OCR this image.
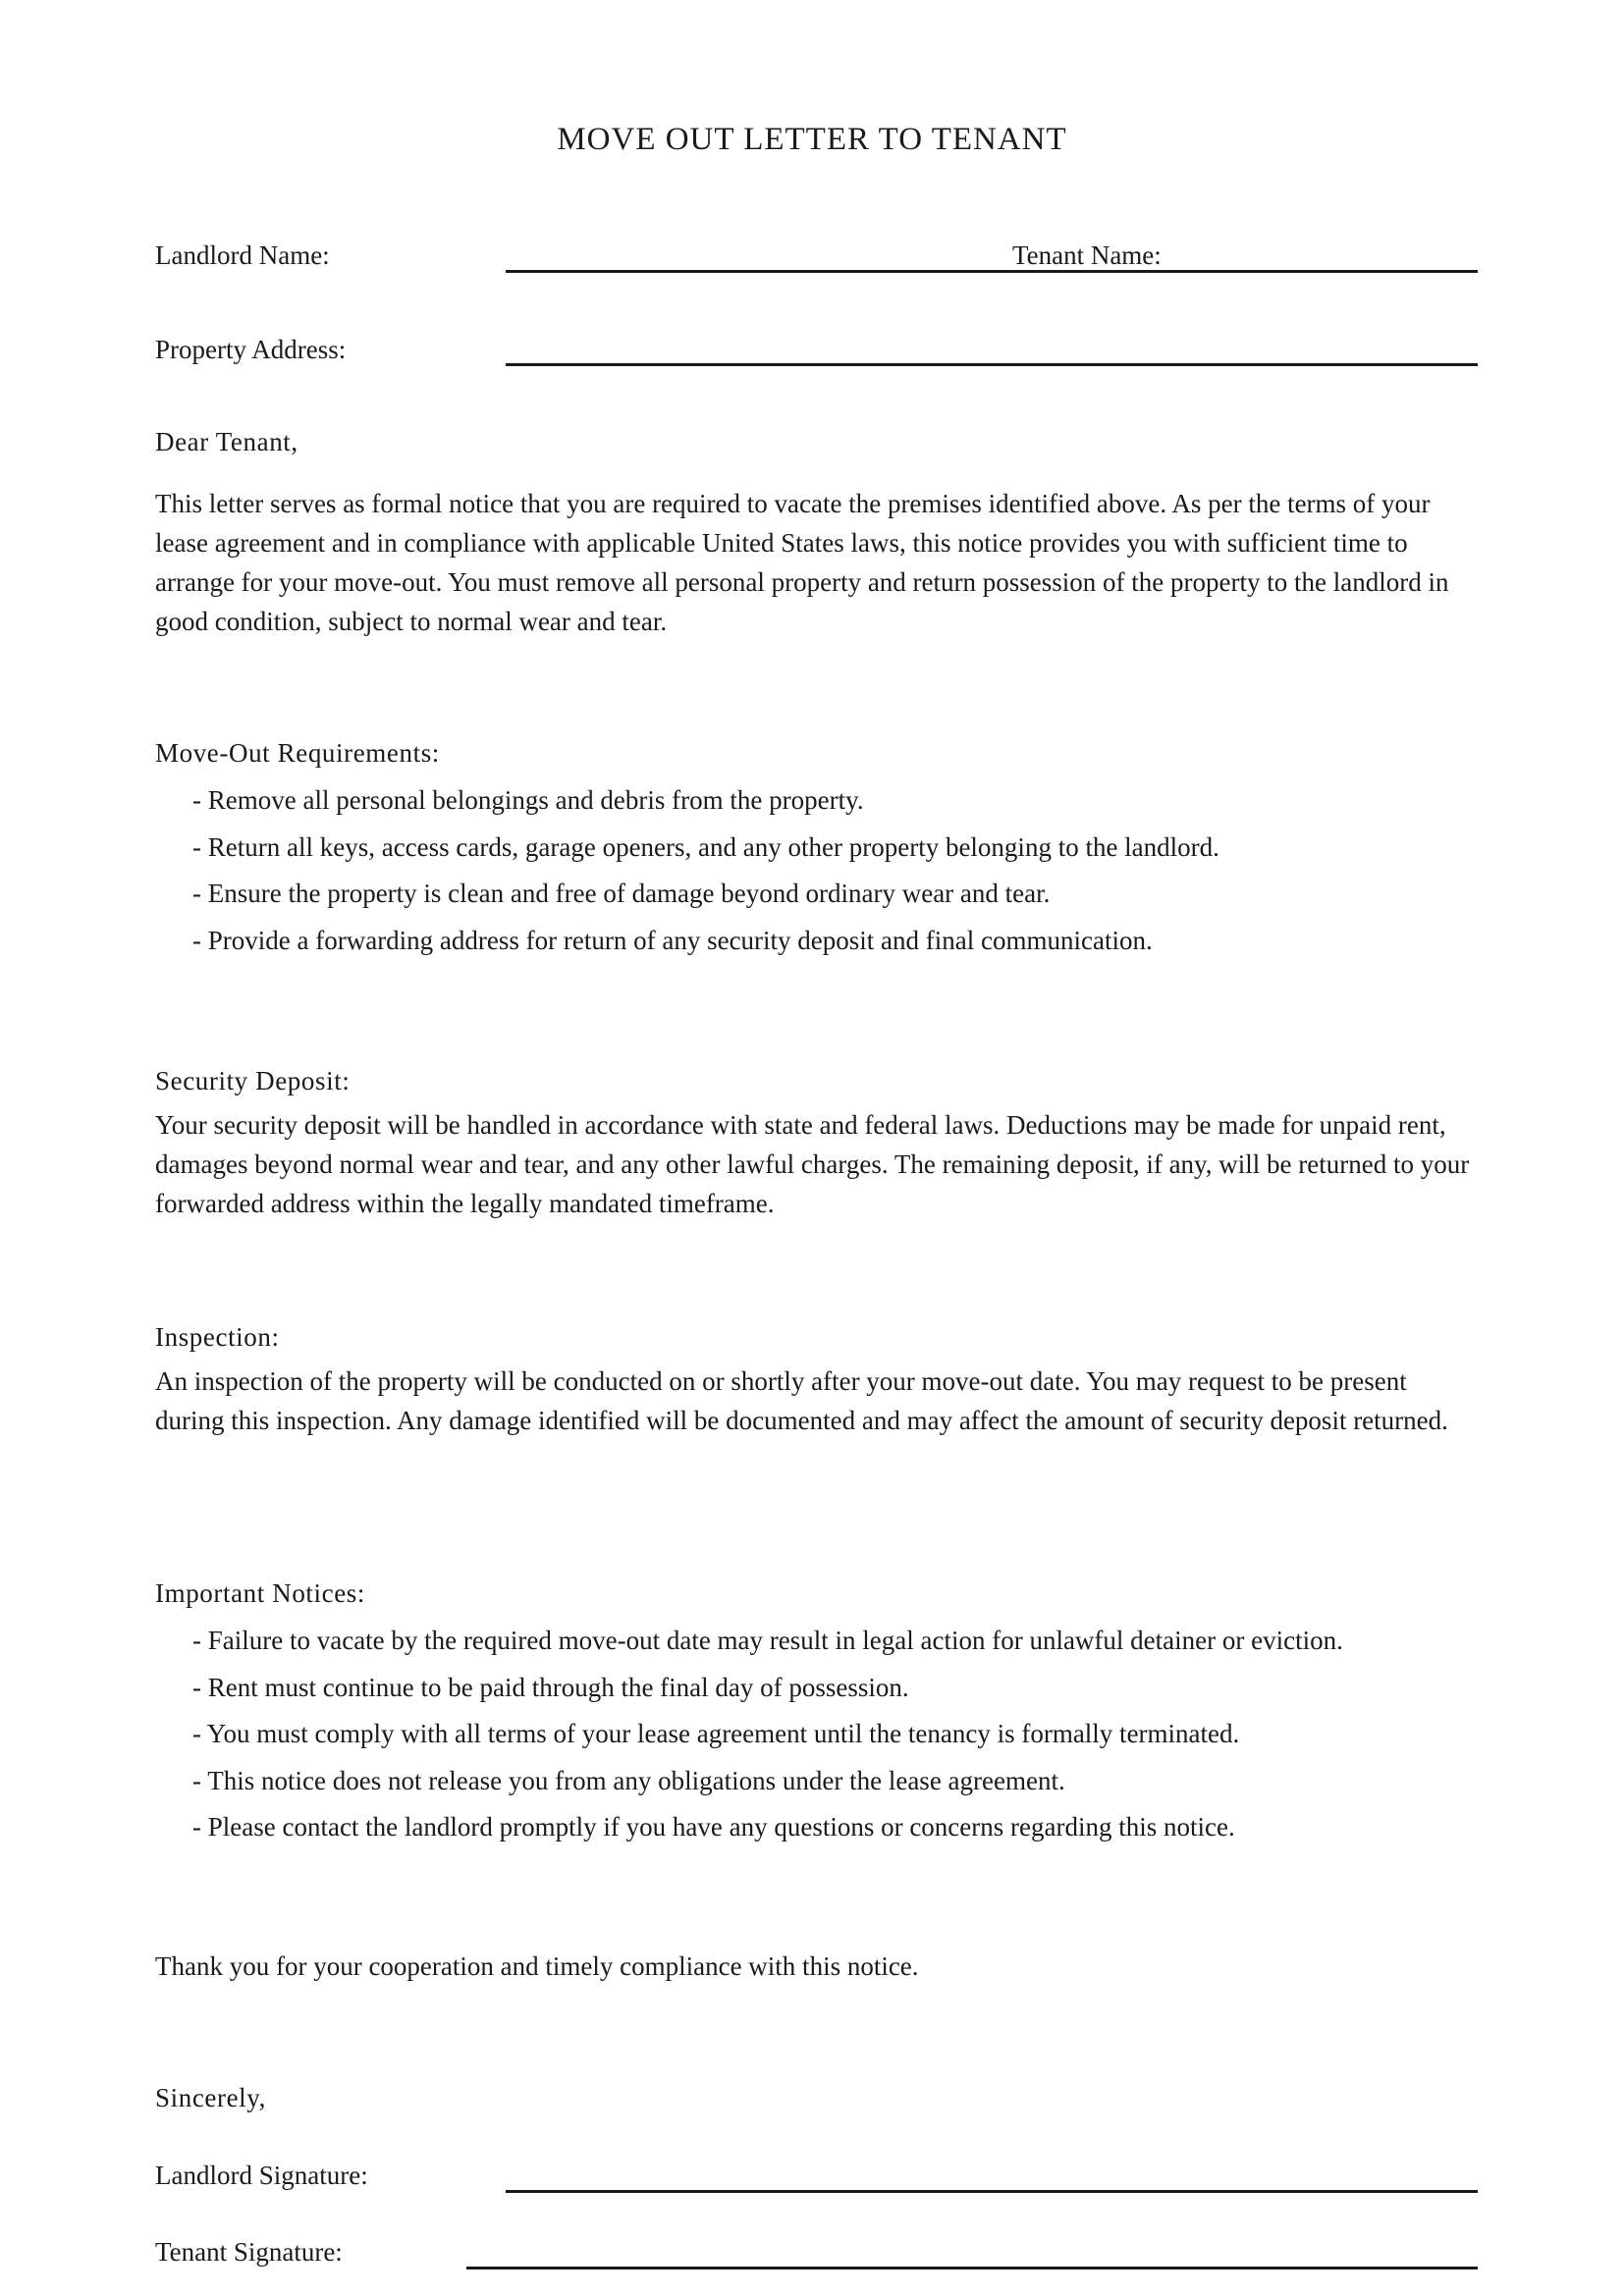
MOVE OUT LETTER TO TENANT
Landlord Name:	Tenant Name:
Property Address:

Dear Tenant,

This letter serves as formal notice that you are required to vacate the premises identified above. As per the terms of your lease agreement and in compliance with applicable United States laws, this notice provides you with sufficient time to arrange for your move-out. You must remove all personal property and return possession of the property to the landlord in good condition, subject to normal wear and tear.

Move-Out Requirements:
- Remove all personal belongings and debris from the property.
- Return all keys, access cards, garage openers, and any other property belonging to the landlord.
- Ensure the property is clean and free of damage beyond ordinary wear and tear.
- Provide a forwarding address for return of any security deposit and final communication.
Security Deposit:

Your security deposit will be handled in accordance with state and federal laws. Deductions may be made for unpaid rent, damages beyond normal wear and tear, and any other lawful charges. The remaining deposit, if any, will be returned to your forwarded address within the legally mandated timeframe.

Inspection:

An inspection of the property will be conducted on or shortly after your move-out date. You may request to be present during this inspection. Any damage identified will be documented and may affect the amount of security deposit returned.

Important Notices:
- Failure to vacate by the required move-out date may result in legal action for unlawful detainer or eviction.
- Rent must continue to be paid through the final day of possession.
- You must comply with all terms of your lease agreement until the tenancy is formally terminated.
- This notice does not release you from any obligations under the lease agreement.
- Please contact the landlord promptly if you have any questions or concerns regarding this notice.

Thank you for your cooperation and timely compliance with this notice.

Sincerely,

Landlord Signature:
Tenant Signature:
